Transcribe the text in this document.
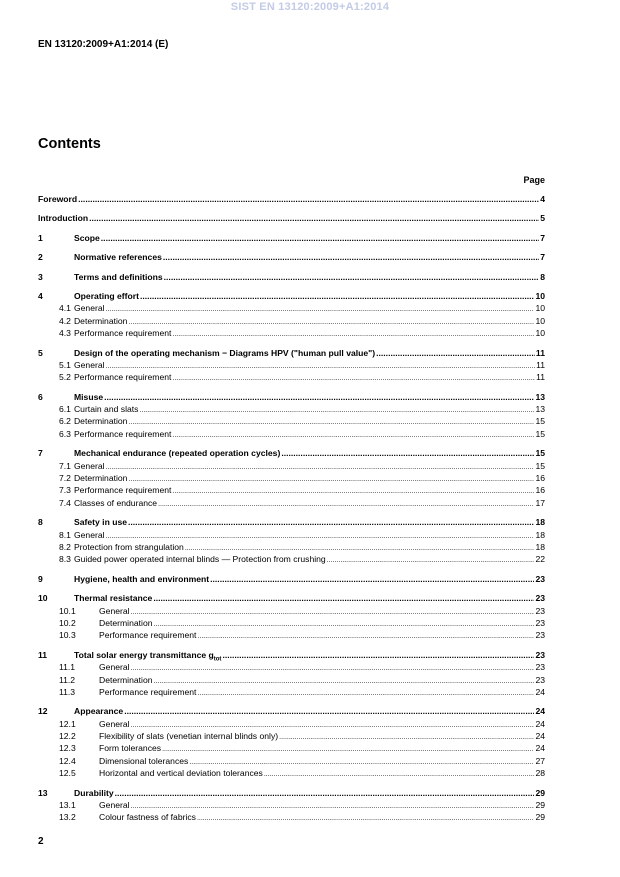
SIST EN 13120:2009+A1:2014
EN 13120:2009+A1:2014 (E)
Contents
Page
Foreword .....	4
Introduction .....	5
1	Scope .....	7
2	Normative references .....	7
3	Terms and definitions .....	8
4	Operating effort .....	10
4.1 General .....	10
4.2 Determination .....	10
4.3 Performance requirement .....	10
5	Design of the operating mechanism − Diagrams HPV ("human pull value") .....	11
5.1 General .....	11
5.2 Performance requirement .....	11
6	Misuse .....	13
6.1 Curtain and slats .....	13
6.2 Determination .....	15
6.3 Performance requirement .....	15
7	Mechanical endurance (repeated operation cycles) .....	15
7.1 General .....	15
7.2 Determination .....	16
7.3 Performance requirement .....	16
7.4 Classes of endurance .....	17
8	Safety in use .....	18
8.1 General .....	18
8.2 Protection from strangulation .....	18
8.3 Guided power operated internal blinds — Protection from crushing .....	22
9	Hygiene, health and environment .....	23
10	Thermal resistance .....	23
10.1	General .....	23
10.2	Determination .....	23
10.3	Performance requirement .....	23
11	Total solar energy transmittance $g_{tot}$ .....	23
11.1	General .....	23
11.2	Determination .....	23
11.3	Performance requirement .....	24
12	Appearance .....	24
12.1	General .....	24
12.2	Flexibility of slats (venetian internal blinds only) .....	24
12.3	Form tolerances .....	24
12.4	Dimensional tolerances .....	27
12.5	Horizontal and vertical deviation tolerances .....	28
13	Durability .....	29
13.1	General .....	29
13.2	Colour fastness of fabrics .....	29
2
